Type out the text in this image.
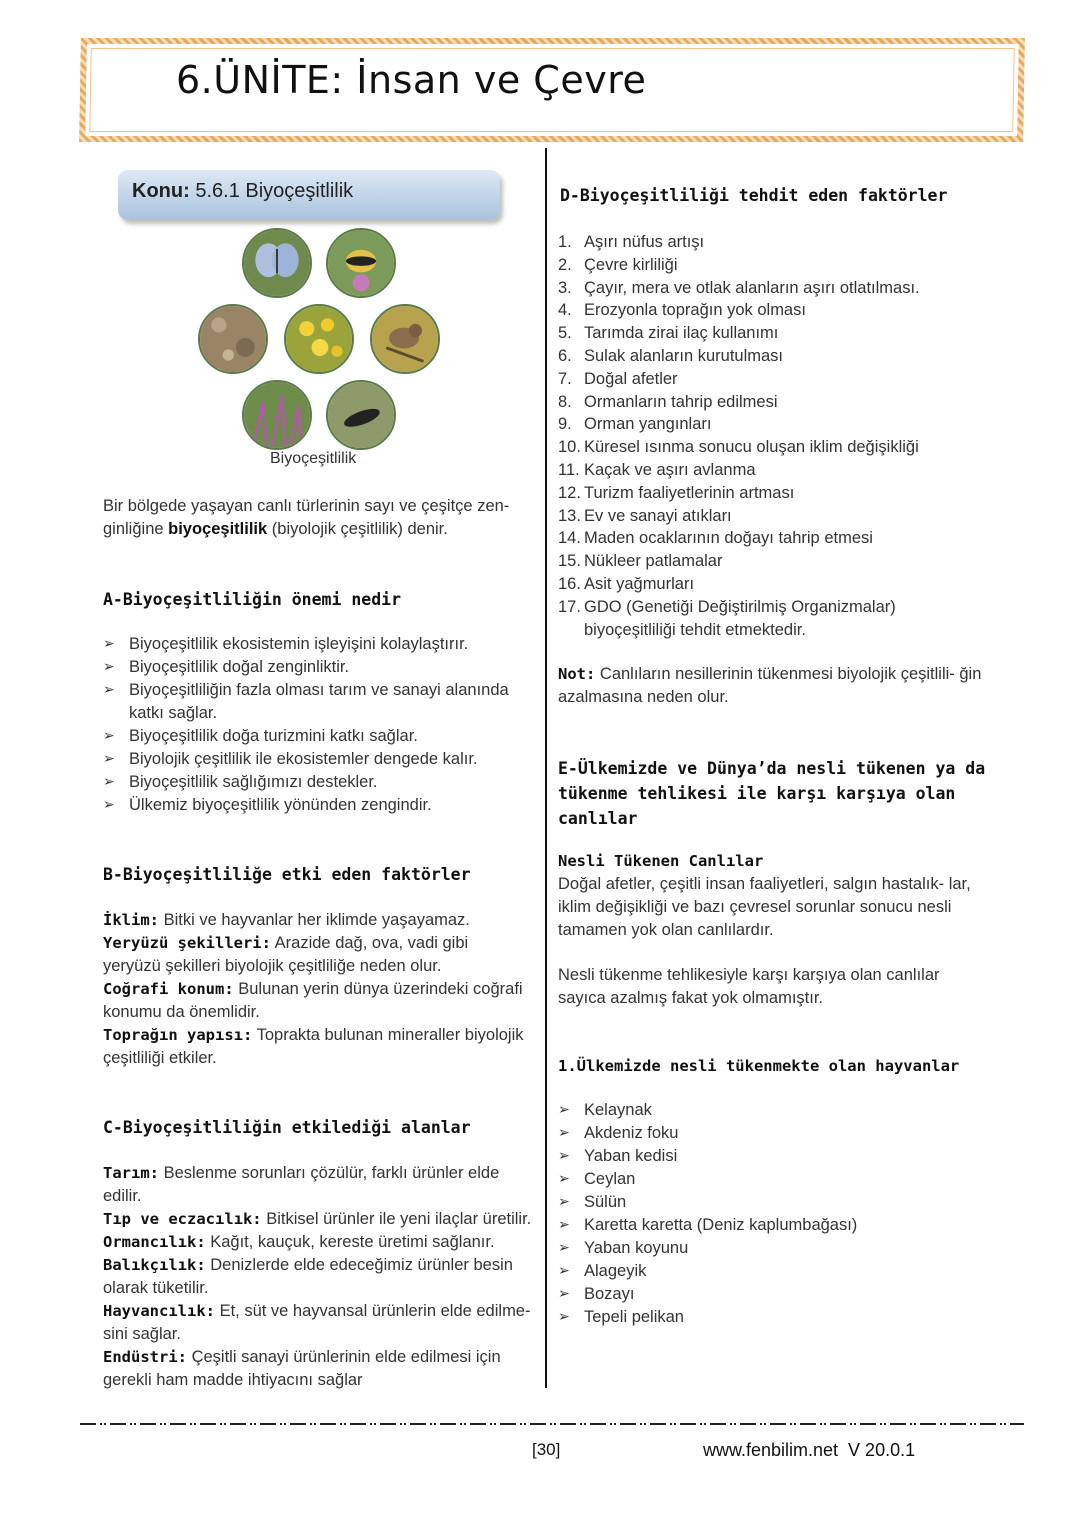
6.ÜNİTE: İnsan ve Çevre
Konu: 5.6.1 Biyoçeşitlilik
Biyoçeşitlilik
Bir bölgede yaşayan canlı türlerinin sayı ve çeşitçe zen- ginliğine biyoçeşitlilik (biyolojik çeşitlilik) denir.
A-Biyoçeşitliliğin önemi nedir
➢ Biyoçeşitlilik ekosistemin işleyişini kolaylaştırır.
➢ Biyoçeşitlilik doğal zenginliktir.
➢ Biyoçeşitliliğin fazla olması tarım ve sanayi alanında katkı sağlar.
➢ Biyoçeşitlilik doğa turizmini katkı sağlar.
➢ Biyolojik çeşitlilik ile ekosistemler dengede kalır.
➢ Biyoçeşitlilik sağlığımızı destekler.
➢ Ülkemiz biyoçeşitlilik yönünden zengindir.
B-Biyoçeşitliliğe etki eden faktörler
İklim: Bitki ve hayvanlar her iklimde yaşayamaz.
Yeryüzü şekilleri: Arazide dağ, ova, vadi gibi yeryüzü şekilleri biyolojik çeşitliliğe neden olur.
Coğrafi konum: Bulunan yerin dünya üzerindeki coğrafi konumu da önemlidir.
Toprağın yapısı: Toprakta bulunan mineraller biyolojik çeşitliliği etkiler.
C-Biyoçeşitliliğin etkilediği alanlar
Tarım: Beslenme sorunları çözülür, farklı ürünler elde edilir.
Tıp ve eczacılık: Bitkisel ürünler ile yeni ilaçlar üretilir.
Ormancılık: Kağıt, kauçuk, kereste üretimi sağlanır.
Balıkçılık: Denizlerde elde edeceğimiz ürünler besin olarak tüketilir.
Hayvancılık: Et, süt ve hayvansal ürünlerin elde edilme- sini sağlar.
Endüstri: Çeşitli sanayi ürünlerinin elde edilmesi için gerekli ham madde ihtiyacını sağlar
D-Biyoçeşitliliği tehdit eden faktörler
1. Aşırı nüfus artışı
2. Çevre kirliliği
3. Çayır, mera ve otlak alanların aşırı otlatılması.
4. Erozyonla toprağın yok olması
5. Tarımda zirai ilaç kullanımı
6. Sulak alanların kurutulması
7. Doğal afetler
8. Ormanların tahrip edilmesi
9. Orman yangınları
10. Küresel ısınma sonucu oluşan iklim değişikliği
11. Kaçak ve aşırı avlanma
12. Turizm faaliyetlerinin artması
13. Ev ve sanayi atıkları
14. Maden ocaklarının doğayı tahrip etmesi
15. Nükleer patlamalar
16. Asit yağmurları
17. GDO (Genetiği Değiştirilmiş Organizmalar) biyoçeşitliliği tehdit etmektedir.
Not: Canlıların nesillerinin tükenmesi biyolojik çeşitlili- ğin azalmasına neden olur.
E-Ülkemizde ve Dünya’da nesli tükenen ya da tükenme tehlikesi ile karşı karşıya olan canlılar
Nesli Tükenen Canlılar
Doğal afetler, çeşitli insan faaliyetleri, salgın hastalık- lar, iklim değişikliği ve bazı çevresel sorunlar sonucu nesli tamamen yok olan canlılardır.
Nesli tükenme tehlikesiyle karşı karşıya olan canlılar sayıca azalmış fakat yok olmamıştır.
1.Ülkemizde nesli tükenmekte olan hayvanlar
➢ Kelaynak
➢ Akdeniz foku
➢ Yaban kedisi
➢ Ceylan
➢ Sülün
➢ Karetta karetta (Deniz kaplumbağası)
➢ Yaban koyunu
➢ Alageyik
➢ Bozayı
➢ Tepeli pelikan
[30]	www.fenbilim.net  V 20.0.1
